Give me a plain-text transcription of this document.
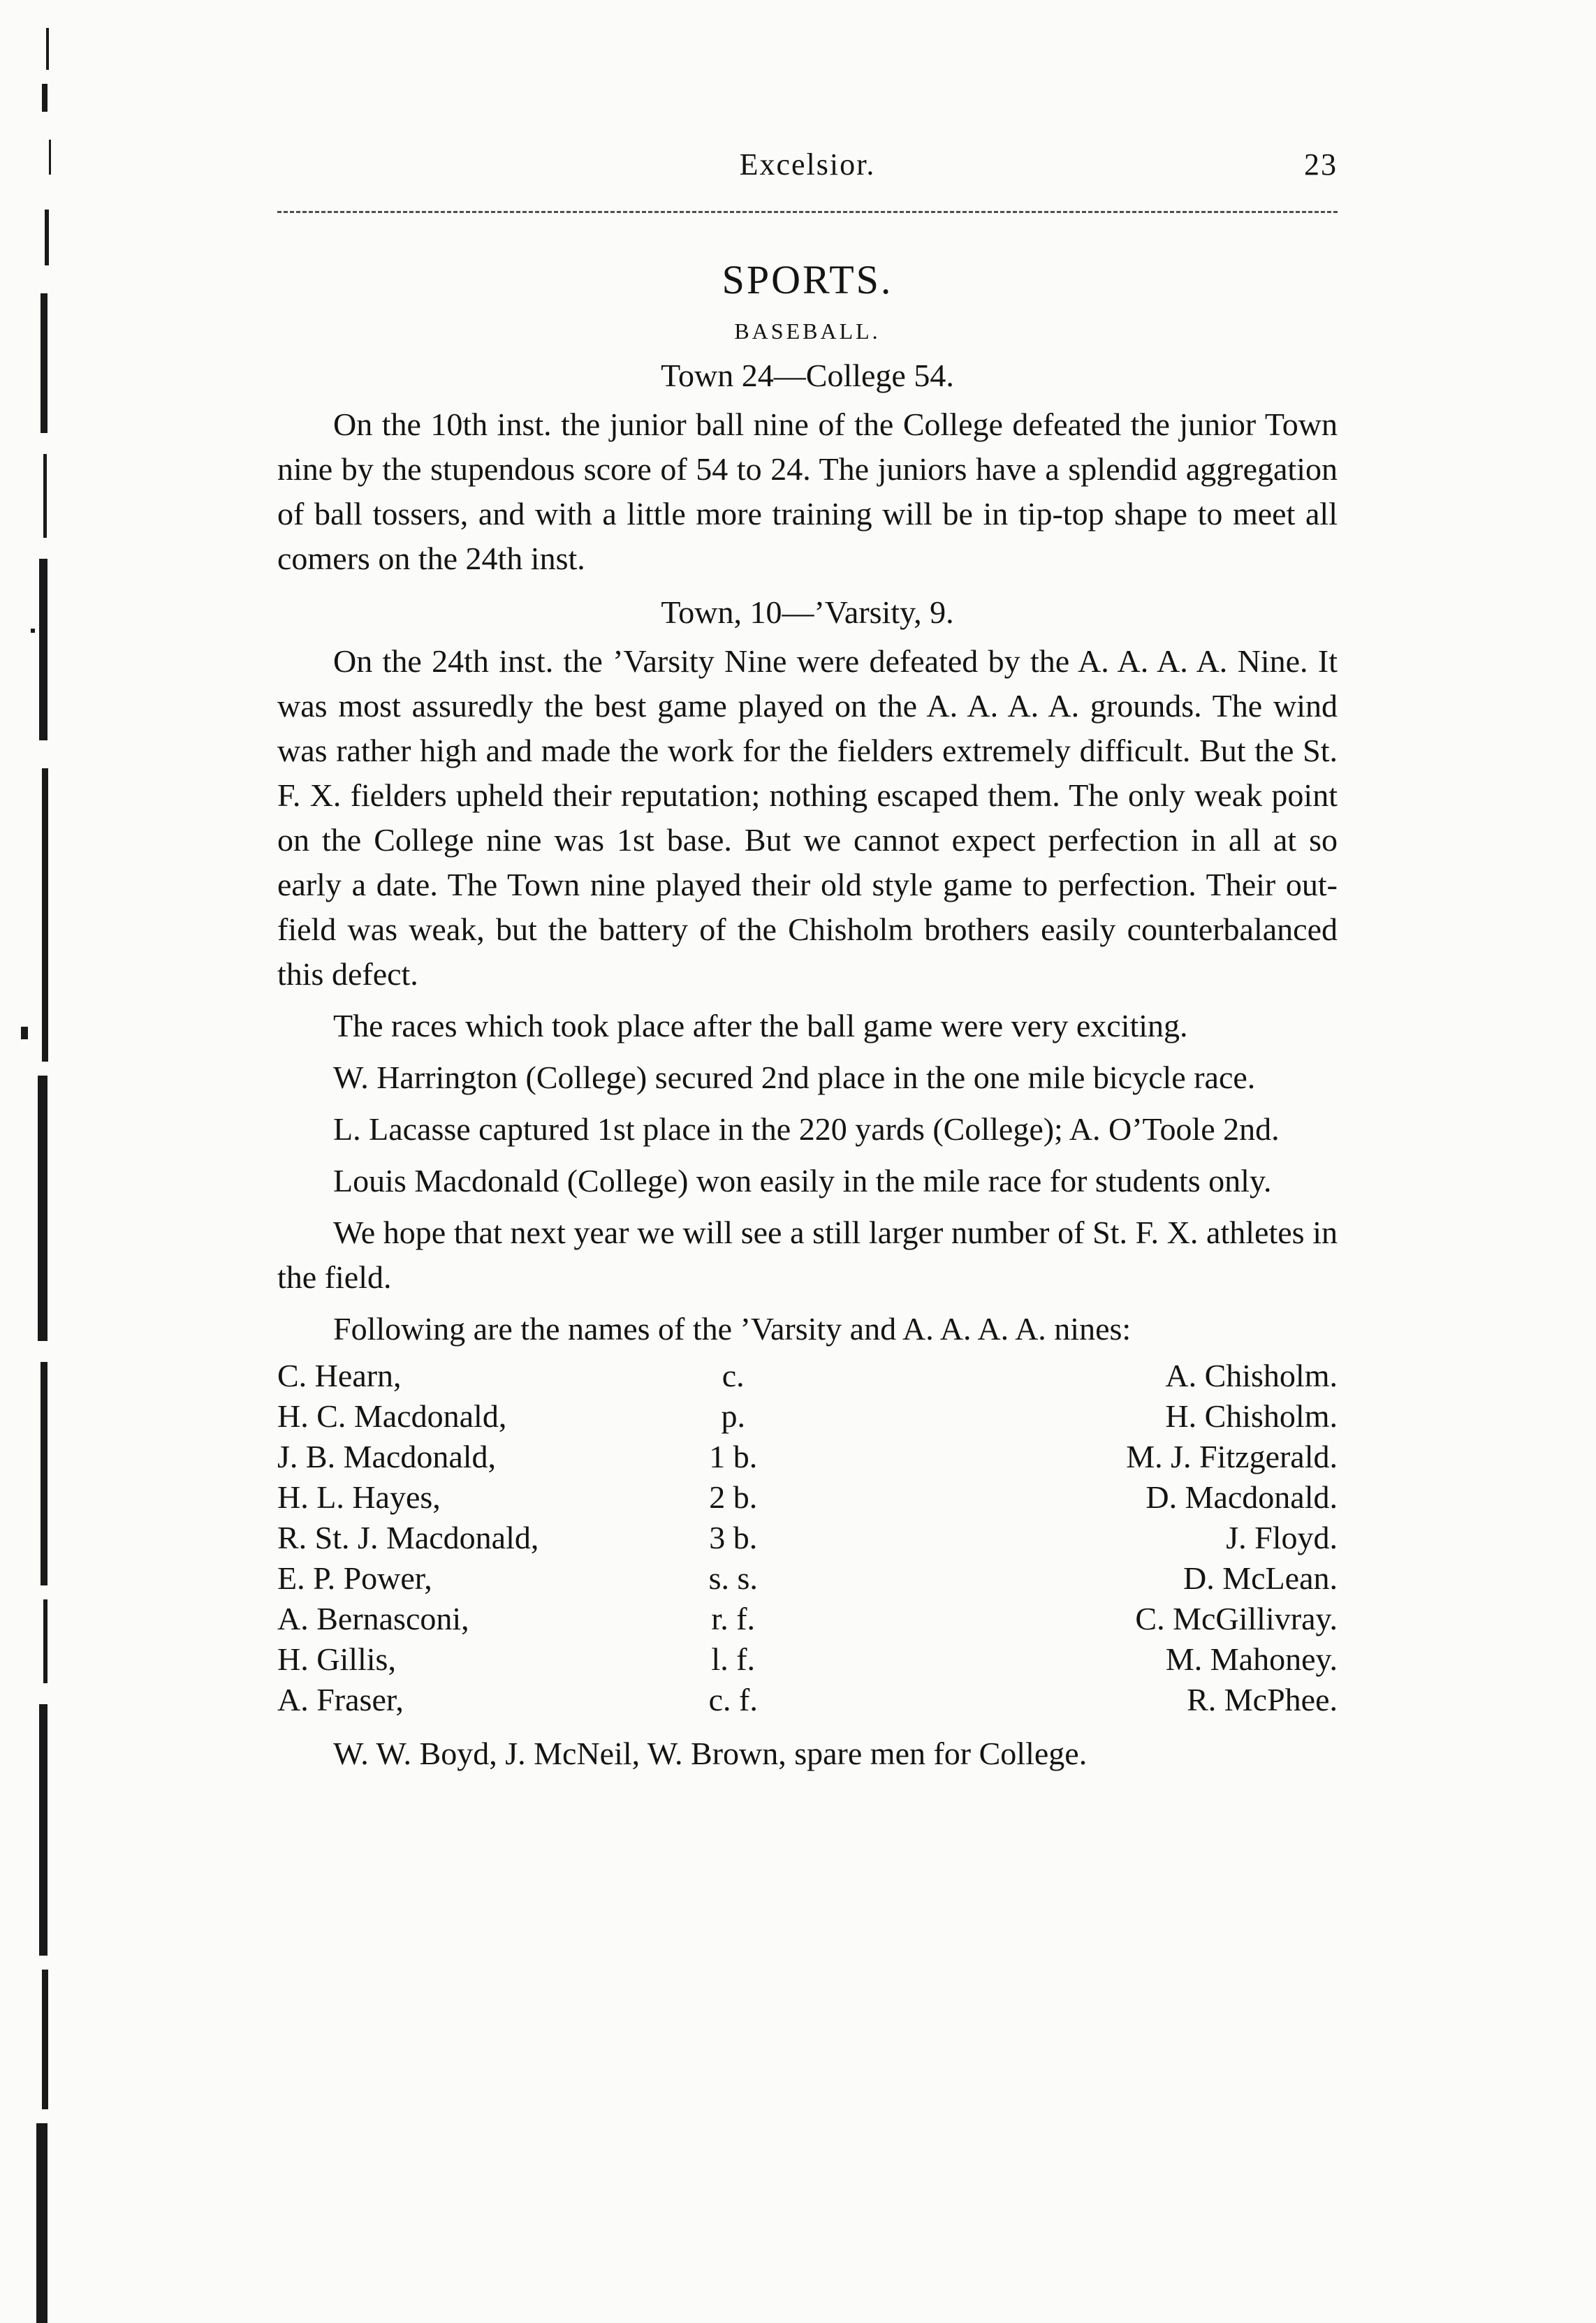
Excelsior.	23
SPORTS.
BASEBALL.
Town 24—College 54.

On the 10th inst. the junior ball nine of the College defeated the junior Town nine by the stupendous score of 54 to 24. The juniors have a splendid aggregation of ball tossers, and with a little more training will be in tip-top shape to meet all comers on the 24th inst.

Town, 10—’Varsity, 9.

On the 24th inst. the ’Varsity Nine were defeated by the A. A. A. A. Nine. It was most assuredly the best game played on the A. A. A. A. grounds. The wind was rather high and made the work for the fielders extremely difficult. But the St. F. X. fielders upheld their reputation; nothing escaped them. The only weak point on the College nine was 1st base. But we cannot expect perfection in all at so early a date. The Town nine played their old style game to perfection. Their out-field was weak, but the battery of the Chisholm brothers easily counterbalanced this defect.

The races which took place after the ball game were very exciting.

W. Harrington (College) secured 2nd place in the one mile bicycle race.

L. Lacasse captured 1st place in the 220 yards (College); A. O’Toole 2nd.

Louis Macdonald (College) won easily in the mile race for students only.

We hope that next year we will see a still larger number of St. F. X. athletes in the field.

Following are the names of the ’Varsity and A. A. A. A. nines:

C. Hearn,	c.	A. Chisholm.
H. C. Macdonald,	p.	H. Chisholm.
J. B. Macdonald,	1 b.	M. J. Fitzgerald.
H. L. Hayes,	2 b.	D. Macdonald.
R. St. J. Macdonald,	3 b.	J. Floyd.
E. P. Power,	s. s.	D. McLean.
A. Bernasconi,	r. f.	C. McGillivray.
H. Gillis,	l. f.	M. Mahoney.
A. Fraser,	c. f.	R. McPhee.
W. W. Boyd, J. McNeil, W. Brown, spare men for College.
